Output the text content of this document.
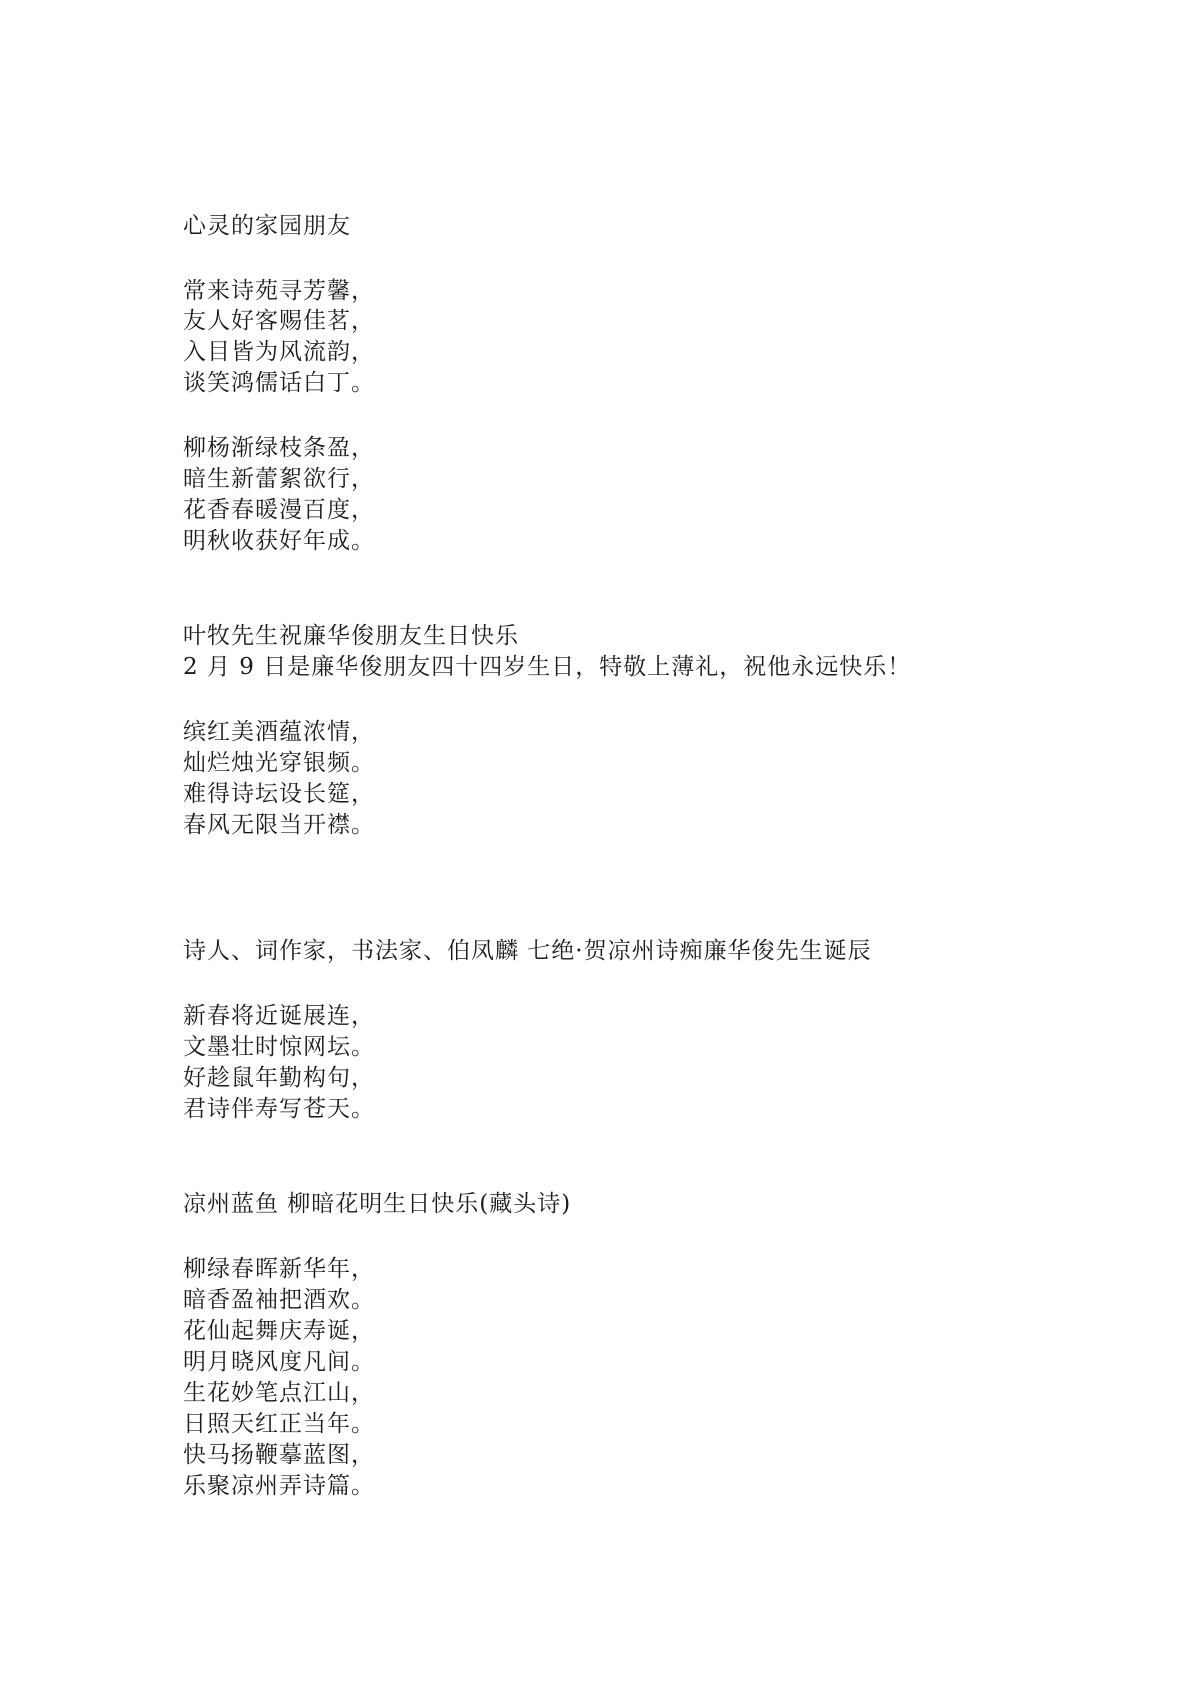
心灵的家园朋友
常来诗苑寻芳馨，
友人好客赐佳茗，
入目皆为风流韵，
谈笑鸿儒话白丁。
柳杨渐绿枝条盈，
暗生新蕾絮欲行，
花香春暖漫百度，
明秋收获好年成。
叶牧先生祝廉华俊朋友生日快乐
2 月 9 日是廉华俊朋友四十四岁生日，特敬上薄礼，祝他永远快乐！
缤红美酒蕴浓情，
灿烂烛光穿银频。
难得诗坛设长筵，
春风无限当开襟。
诗人、词作家，书法家、伯凤麟 七绝·贺凉州诗痴廉华俊先生诞辰
新春将近诞展连，
文墨壮时惊网坛。
好趁鼠年勤构句，
君诗伴寿写苍天。
凉州蓝鱼 柳暗花明生日快乐(藏头诗)
柳绿春晖新华年，
暗香盈袖把酒欢。
花仙起舞庆寿诞，
明月晓风度凡间。
生花妙笔点江山，
日照天红正当年。
快马扬鞭摹蓝图，
乐聚凉州弄诗篇。
